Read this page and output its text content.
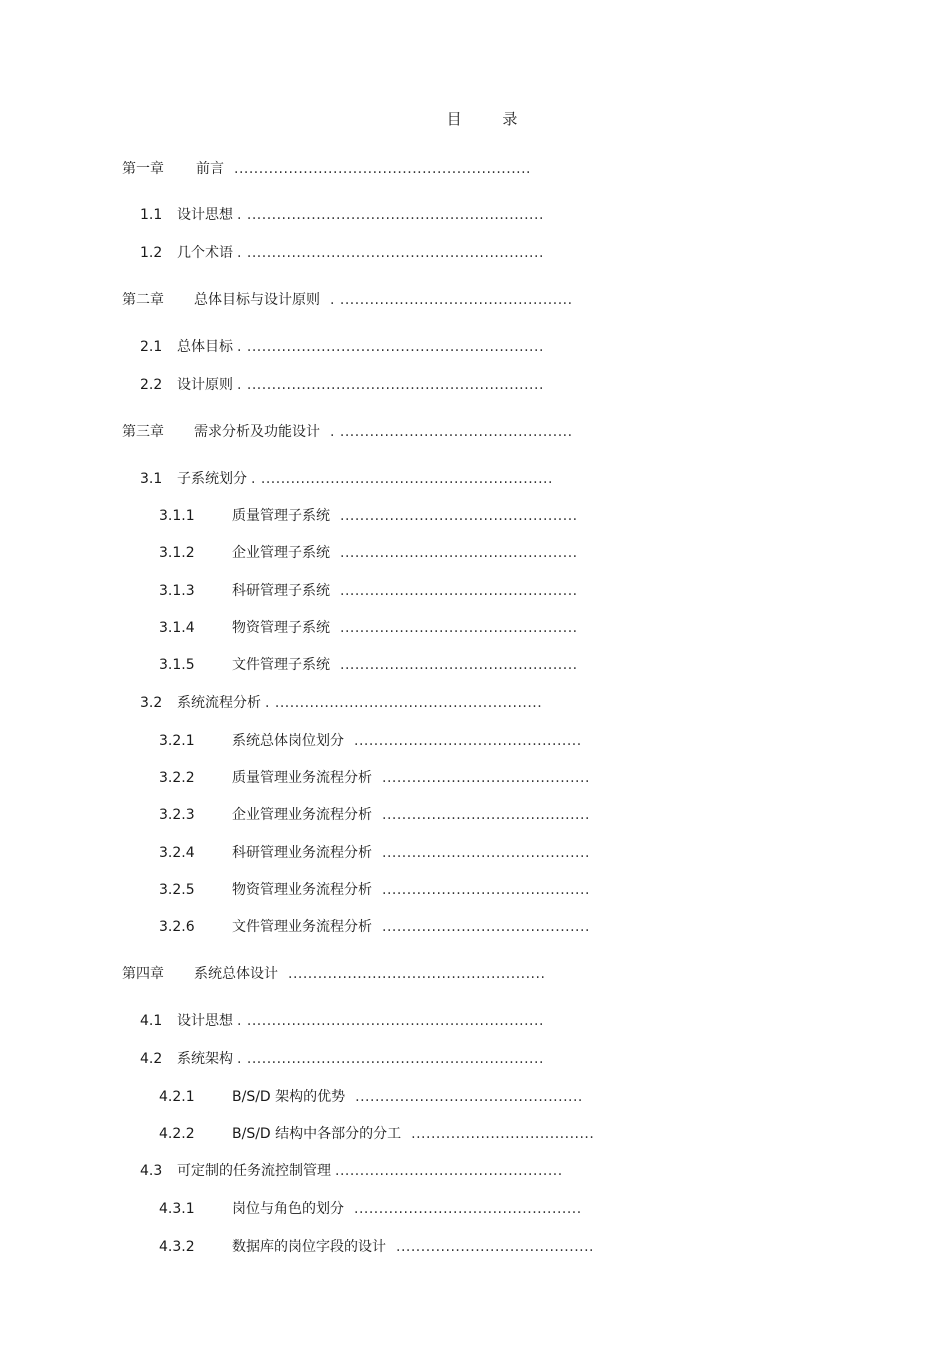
目 录
第一章	前言 ............................................................
1.1	设计思想 . ............................................................
1.2	几个术语 . ............................................................
第二章	总体目标与设计原则 . ...............................................
2.1	总体目标 . ............................................................
2.2	设计原则 . ............................................................
第三章	需求分析及功能设计 . ...............................................
3.1	子系统划分 . ...........................................................
3.1.1	质量管理子系统 ................................................
3.1.2	企业管理子系统 ................................................
3.1.3	科研管理子系统 ................................................
3.1.4	物资管理子系统 ................................................
3.1.5	文件管理子系统 ................................................
3.2	系统流程分析 . ......................................................
3.2.1	系统总体岗位划分 ..............................................
3.2.2	质量管理业务流程分析 ..........................................
3.2.3	企业管理业务流程分析 ..........................................
3.2.4	科研管理业务流程分析 ..........................................
3.2.5	物资管理业务流程分析 ..........................................
3.2.6	文件管理业务流程分析 ..........................................
第四章	系统总体设计 ....................................................
4.1	设计思想 . ............................................................
4.2	系统架构 . ............................................................
4.2.1	B/S/D 架构的优势 ..............................................
4.2.2	B/S/D 结构中各部分的分工 .....................................
4.3	可定制的任务流控制管理 ..............................................
4.3.1	岗位与角色的划分 ..............................................
4.3.2	数据库的岗位字段的设计 ........................................
